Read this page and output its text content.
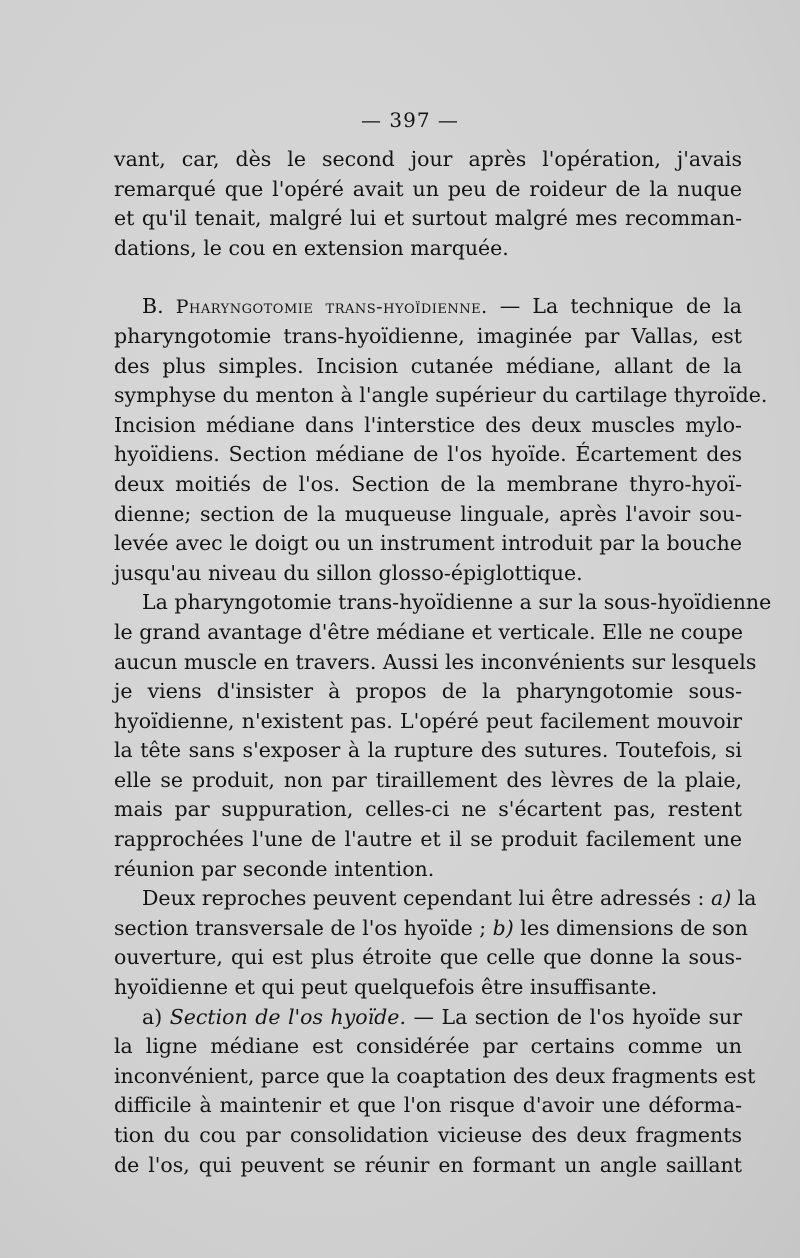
— 397 —
vant, car, dès le second jour après l'opération, j'avais
remarqué que l'opéré avait un peu de roideur de la nuque
et qu'il tenait, malgré lui et surtout malgré mes recomman-
dations, le cou en extension marquée.
B. Pharyngotomie trans-hyoïdienne. — La technique de la
pharyngotomie trans-hyoïdienne, imaginée par Vallas, est
des plus simples. Incision cutanée médiane, allant de la
symphyse du menton à l'angle supérieur du cartilage thyroïde.
Incision médiane dans l'interstice des deux muscles mylo-
hyoïdiens. Section médiane de l'os hyoïde. Écartement des
deux moitiés de l'os. Section de la membrane thyro-hyoï-
dienne; section de la muqueuse linguale, après l'avoir sou-
levée avec le doigt ou un instrument introduit par la bouche
jusqu'au niveau du sillon glosso-épiglottique.
La pharyngotomie trans-hyoïdienne a sur la sous-hyoïdienne
le grand avantage d'être médiane et verticale. Elle ne coupe
aucun muscle en travers. Aussi les inconvénients sur lesquels
je viens d'insister à propos de la pharyngotomie sous-
hyoïdienne, n'existent pas. L'opéré peut facilement mouvoir
la tête sans s'exposer à la rupture des sutures. Toutefois, si
elle se produit, non par tiraillement des lèvres de la plaie,
mais par suppuration, celles-ci ne s'écartent pas, restent
rapprochées l'une de l'autre et il se produit facilement une
réunion par seconde intention.
Deux reproches peuvent cependant lui être adressés : a) la
section transversale de l'os hyoïde ; b) les dimensions de son
ouverture, qui est plus étroite que celle que donne la sous-
hyoïdienne et qui peut quelquefois être insuffisante.
a) Section de l'os hyoïde. — La section de l'os hyoïde sur
la ligne médiane est considérée par certains comme un
inconvénient, parce que la coaptation des deux fragments est
difficile à maintenir et que l'on risque d'avoir une déforma-
tion du cou par consolidation vicieuse des deux fragments
de l'os, qui peuvent se réunir en formant un angle saillant
